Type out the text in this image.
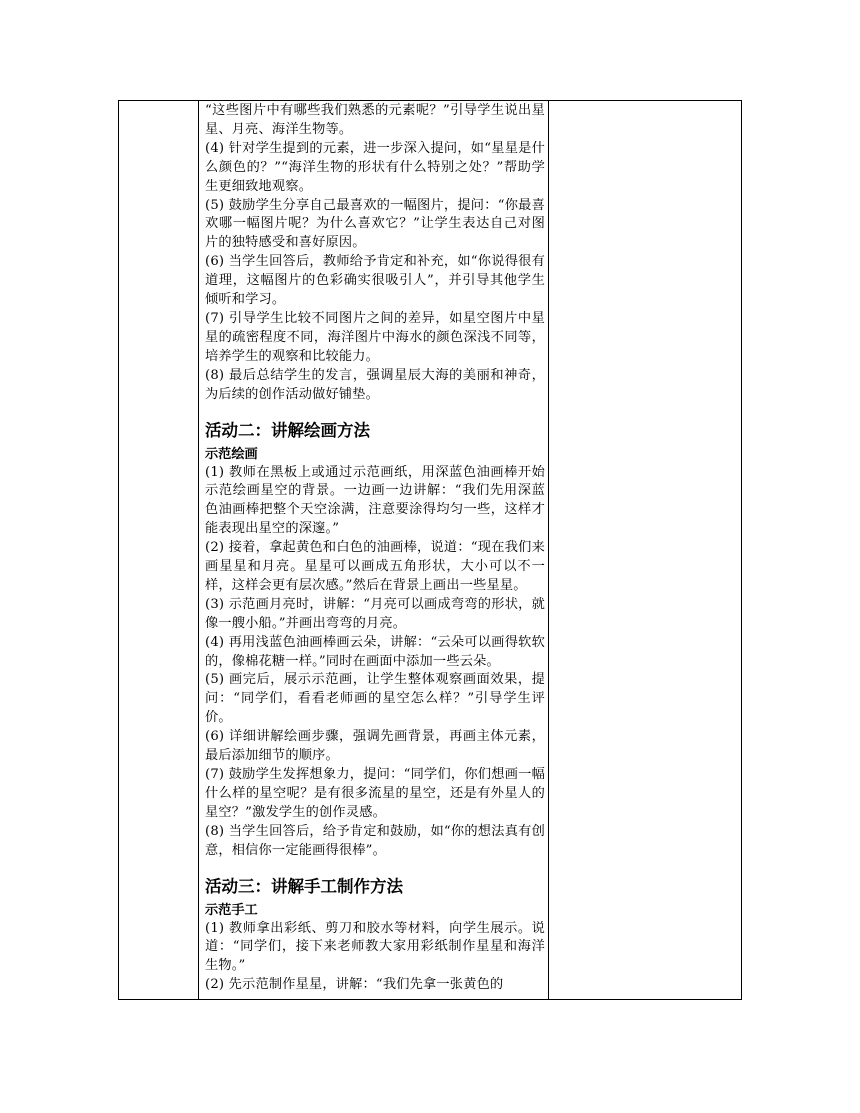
“这些图片中有哪些我们熟悉的元素呢？”引导学生说出星星、月亮、海洋生物等。

(4) 针对学生提到的元素，进一步深入提问，如“星星是什么颜色的？”“海洋生物的形状有什么特别之处？”帮助学生更细致地观察。

(5) 鼓励学生分享自己最喜欢的一幅图片，提问：“你最喜欢哪一幅图片呢？为什么喜欢它？”让学生表达自己对图片的独特感受和喜好原因。

(6) 当学生回答后，教师给予肯定和补充，如“你说得很有道理，这幅图片的色彩确实很吸引人”，并引导其他学生倾听和学习。

(7) 引导学生比较不同图片之间的差异，如星空图片中星星的疏密程度不同，海洋图片中海水的颜色深浅不同等，培养学生的观察和比较能力。

(8) 最后总结学生的发言，强调星辰大海的美丽和神奇，为后续的创作活动做好铺垫。

活动二：讲解绘画方法
示范绘画

(1) 教师在黑板上或通过示范画纸，用深蓝色油画棒开始示范绘画星空的背景。一边画一边讲解：“我们先用深蓝色油画棒把整个天空涂满，注意要涂得均匀一些，这样才能表现出星空的深邃。”

(2) 接着，拿起黄色和白色的油画棒，说道：“现在我们来画星星和月亮。星星可以画成五角形状，大小可以不一样，这样会更有层次感。”然后在背景上画出一些星星。

(3) 示范画月亮时，讲解：“月亮可以画成弯弯的形状，就像一艘小船。”并画出弯弯的月亮。

(4) 再用浅蓝色油画棒画云朵，讲解：“云朵可以画得软软的，像棉花糖一样。”同时在画面中添加一些云朵。

(5) 画完后，展示示范画，让学生整体观察画面效果，提问：“同学们，看看老师画的星空怎么样？”引导学生评价。

(6) 详细讲解绘画步骤，强调先画背景，再画主体元素，最后添加细节的顺序。

(7) 鼓励学生发挥想象力，提问：“同学们，你们想画一幅什么样的星空呢？是有很多流星的星空，还是有外星人的星空？”激发学生的创作灵感。

(8) 当学生回答后，给予肯定和鼓励，如“你的想法真有创意，相信你一定能画得很棒”。

活动三：讲解手工制作方法
示范手工

(1) 教师拿出彩纸、剪刀和胶水等材料，向学生展示。说道：“同学们，接下来老师教大家用彩纸制作星星和海洋生物。”

(2) 先示范制作星星，讲解：“我们先拿一张黄色的
